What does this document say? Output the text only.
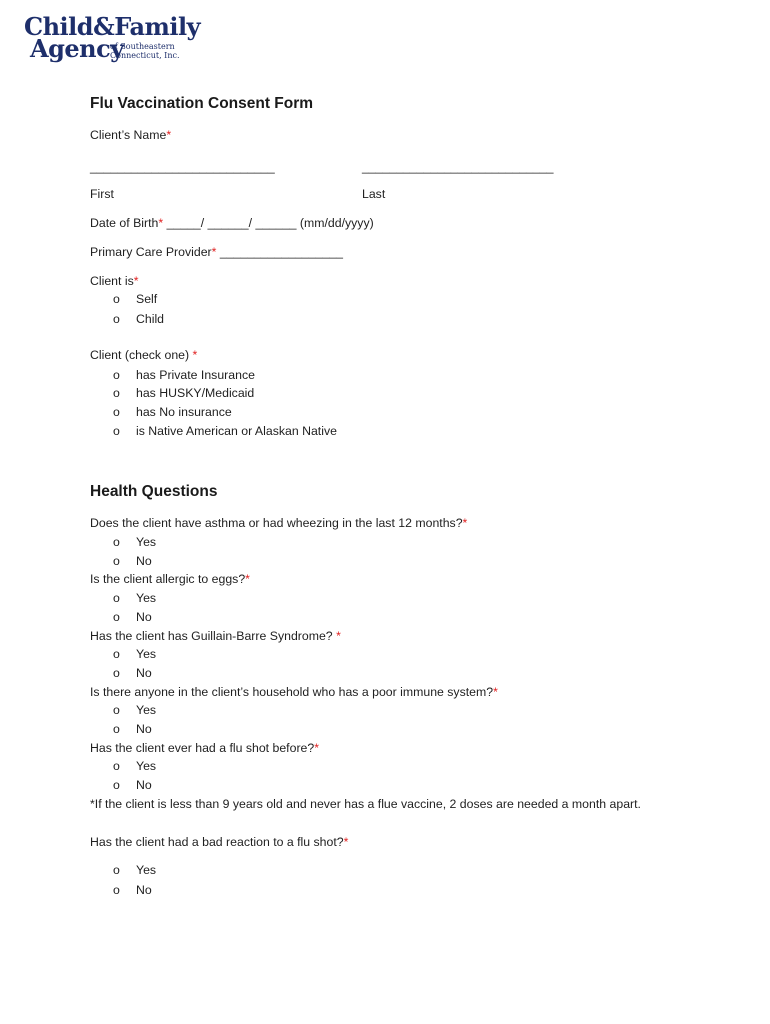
Child&Family
Agency
of Southeastern
Connecticut, Inc.
Flu Vaccination Consent Form
Client’s Name*
___________________________	____________________________
First	Last
Date of Birth* _____/ ______/ ______ (mm/dd/yyyy)
Primary Care Provider* __________________
Client is*
o Self
o Child
Client (check one) *
o has Private Insurance
o has HUSKY/Medicaid
o has No insurance
o is Native American or Alaskan Native
Health Questions
Does the client have asthma or had wheezing in the last 12 months?*
o Yes
o No
Is the client allergic to eggs?*
o Yes
o No
Has the client has Guillain-Barre Syndrome? *
o Yes
o No
Is there anyone in the client’s household who has a poor immune system?*
o Yes
o No
Has the client ever had a flu shot before?*
o Yes
o No
*If the client is less than 9 years old and never has a flue vaccine, 2 doses are needed a month apart.
Has the client had a bad reaction to a flu shot?*
o Yes
o No
